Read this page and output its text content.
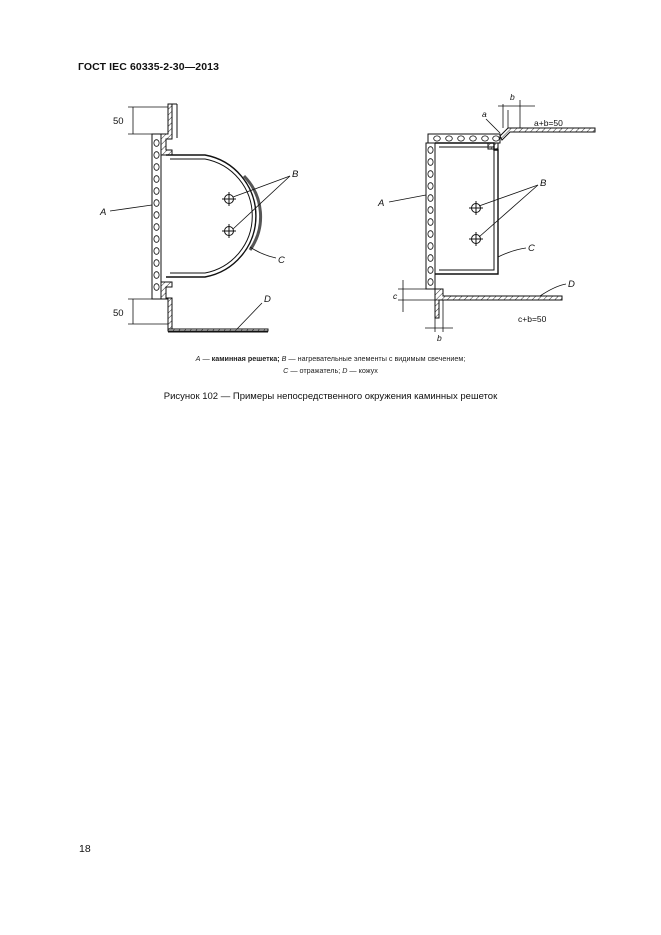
ГОСТ IEC 60335-2-30—2013
50
50
A
B
C
D
A
B
C
D
a
b
a+b=50
c
b
c+b=50
A — каминная решетка; B — нагревательные элементы с видимым свечением;
C — отражатель; D — кожух
Рисунок 102 — Примеры непосредственного окружения каминных решеток
18
